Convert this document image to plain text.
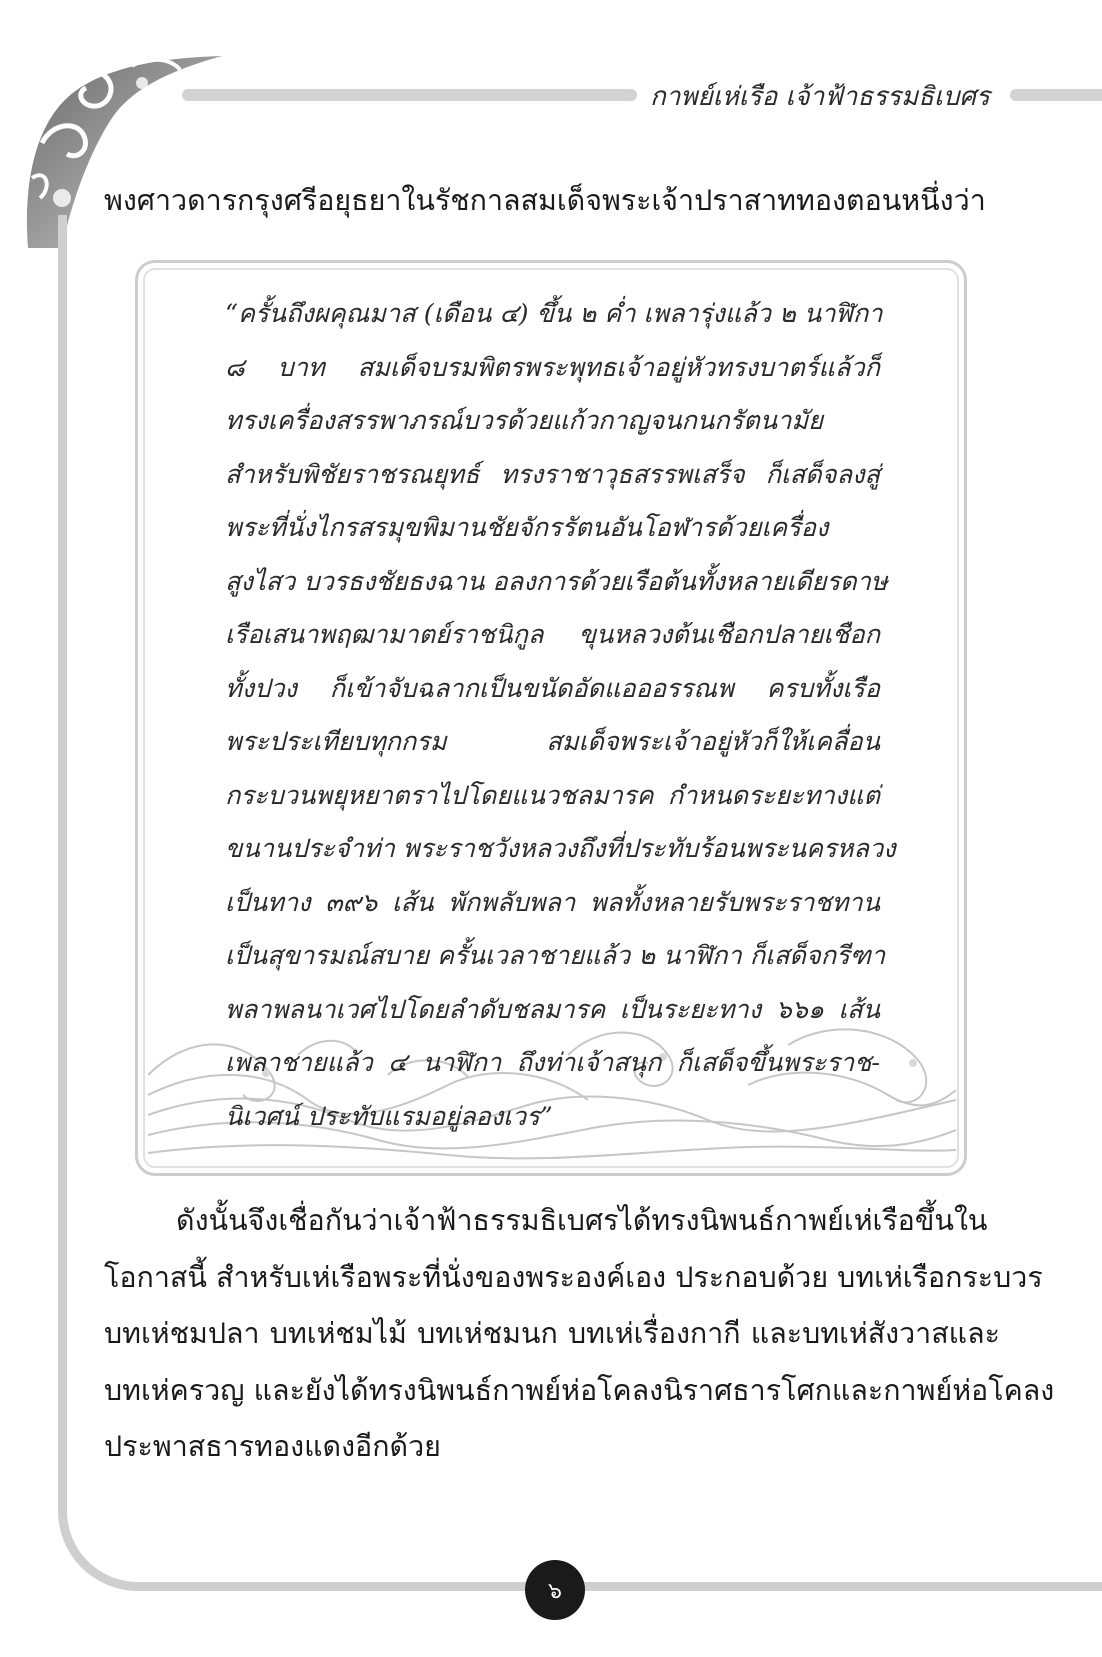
กาพย์เห่เรือ เจ้าฟ้าธรรมธิเบศร
พงศาวดารกรุงศรีอยุธยาในรัชกาลสมเด็จพระเจ้าปราสาททองตอนหนึ่งว่า
“ครั้นถึงผคุณมาส (เดือน ๔) ขึ้น ๒ ค่ำ เพลารุ่งแล้ว ๒ นาฬิกา
๘ บาท สมเด็จบรมพิตรพระพุทธเจ้าอยู่หัวทรงบาตร์แล้วก็
ทรงเครื่องสรรพาภรณ์บวรด้วยแก้วกาญจนกนกรัตนามัย
สำหรับพิชัยราชรณยุทธ์ ทรงราชาวุธสรรพเสร็จ ก็เสด็จลงสู่
พระที่นั่งไกรสรมุขพิมานชัยจักรรัตนอันโอฬารด้วยเครื่อง
สูงไสว บวรธงชัยธงฉาน อลงการด้วยเรือต้นทั้งหลายเดียรดาษ
เรือเสนาพฤฒามาตย์ราชนิกูล ขุนหลวงต้นเชือกปลายเชือก
ทั้งปวง ก็เข้าจับฉลากเป็นขนัดอัดแอออรรณพ ครบทั้งเรือ
พระประเทียบทุกกรม สมเด็จพระเจ้าอยู่หัวก็ให้เคลื่อน
กระบวนพยุหยาตราไปโดยแนวชลมารค กำหนดระยะทางแต่
ขนานประจำท่า พระราชวังหลวงถึงที่ประทับร้อนพระนครหลวง
เป็นทาง ๓๙๖ เส้น พักพลับพลา พลทั้งหลายรับพระราชทาน
เป็นสุขารมณ์สบาย ครั้นเวลาชายแล้ว ๒ นาฬิกา ก็เสด็จกรีฑา
พลาพลนาเวศไปโดยลำดับชลมารค เป็นระยะทาง ๖๖๑ เส้น
เพลาชายแล้ว ๔ นาฬิกา ถึงท่าเจ้าสนุก ก็เสด็จขึ้นพระราช-
นิเวศน์ ประทับแรมอยู่ลองเวร”
ดังนั้นจึงเชื่อกันว่าเจ้าฟ้าธรรมธิเบศรได้ทรงนิพนธ์กาพย์เห่เรือขึ้นใน
โอกาสนี้ สำหรับเห่เรือพระที่นั่งของพระองค์เอง ประกอบด้วย บทเห่เรือกระบวร
บทเห่ชมปลา บทเห่ชมไม้ บทเห่ชมนก บทเห่เรื่องกากี และบทเห่สังวาสและ
บทเห่ครวญ และยังได้ทรงนิพนธ์กาพย์ห่อโคลงนิราศธารโศกและกาพย์ห่อโคลง
ประพาสธารทองแดงอีกด้วย
๖
